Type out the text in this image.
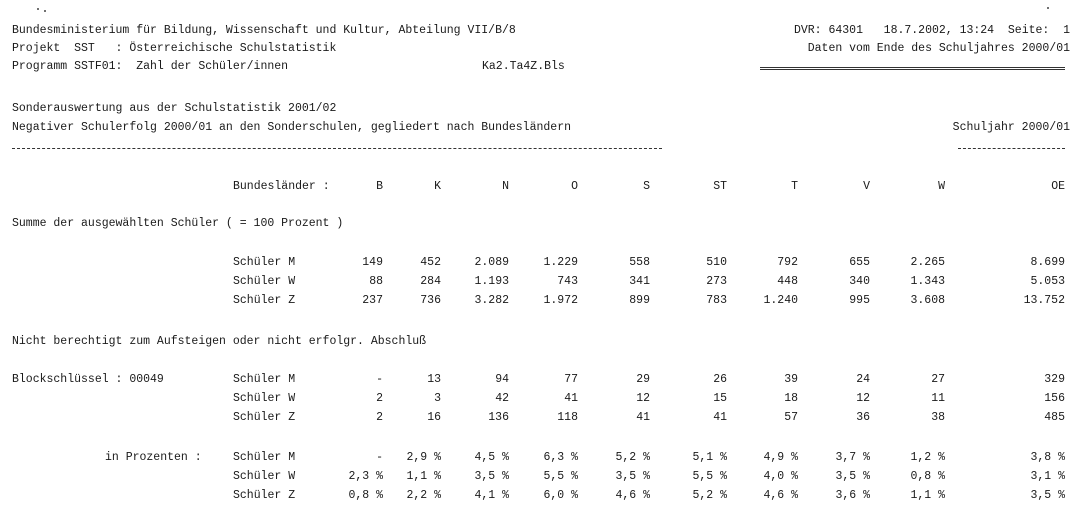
Bundesministerium für Bildung, Wissenschaft und Kultur, Abteilung VII/B/8	DVR: 64301   18.7.2002, 13:24  Seite:  1
Projekt  SST   : Österreichische Schulstatistik	Daten vom Ende des Schuljahres 2000/01
Programm SSTF01:  Zahl der Schüler/innen	Ka2.Ta4Z.Bls
Sonderauswertung aus der Schulstatistik 2001/02
Negativer Schulerfolg 2000/01 an den Sonderschulen, gegliedert nach Bundesländern	Schuljahr 2000/01
Bundesländer :	B	K	N	O	S	ST	T	V	W	OE
Summe der ausgewählten Schüler ( = 100 Prozent )
Schüler M	149	452	2.089	1.229	558	510	792	655	2.265	8.699
Schüler W	88	284	1.193	743	341	273	448	340	1.343	5.053
Schüler Z	237	736	3.282	1.972	899	783	1.240	995	3.608	13.752
Nicht berechtigt zum Aufsteigen oder nicht erfolgr. Abschluß
Blockschlüssel : 00049	Schüler M	-	13	94	77	29	26	39	24	27	329
Schüler W	2	3	42	41	12	15	18	12	11	156
Schüler Z	2	16	136	118	41	41	57	36	38	485
in Prozenten :	Schüler M	-	2,9 %	4,5 %	6,3 %	5,2 %	5,1 %	4,9 %	3,7 %	1,2 %	3,8 %
Schüler W	2,3 %	1,1 %	3,5 %	5,5 %	3,5 %	5,5 %	4,0 %	3,5 %	0,8 %	3,1 %
Schüler Z	0,8 %	2,2 %	4,1 %	6,0 %	4,6 %	5,2 %	4,6 %	3,6 %	1,1 %	3,5 %
